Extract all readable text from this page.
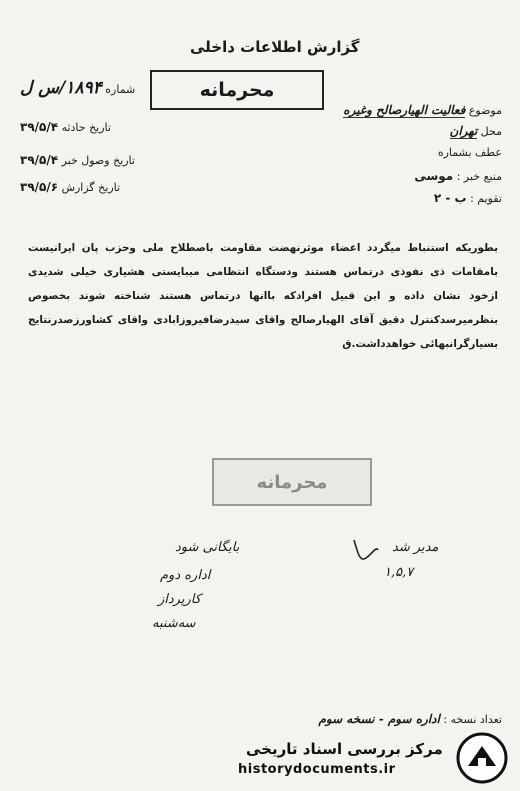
گزارش اطلاعات داخلی
محرمانه
موضوع فعالیت الهیارصالح وغیره
محل تهران
عطف بشماره
منبع خبر : موسی
تقویم : ب - ۲
شماره ۱۸۹۴/س ل
تاریخ حادثه ۳۹/۵/۴
تاریخ وصول خبر ۳۹/۵/۴
تاریخ گزارش ۳۹/۵/۶
بطوریکه استنباط میگردد اعضاء موثرنهضت مقاومت باصطلاح ملی وحزب پان ایرانیست بامقامات ذی نفوذی درتماس هستند ودستگاه انتظامی میبایستی هشیاری خیلی شدیدی ازخود نشان داده و این قبیل افرادکه باانها درتماس هستند شناخته شوند بخصوص بنظرمیرسدکنترل دقیق آقای الهیارصالح واقای سیدرضافیروزابادی واقای کشاورزصدرنتایج بسیارگرانبهائی خواهدداشت.ق
محرمانه
بایگانی شود
اداره دوم
کارپرداز
سه‌شنبه
مدیر شد
۱,۵,۷
تعداد نسخه : اداره سوم - نسخه سوم
مرکز بررسی اسناد تاریخی
historydocuments.ir
